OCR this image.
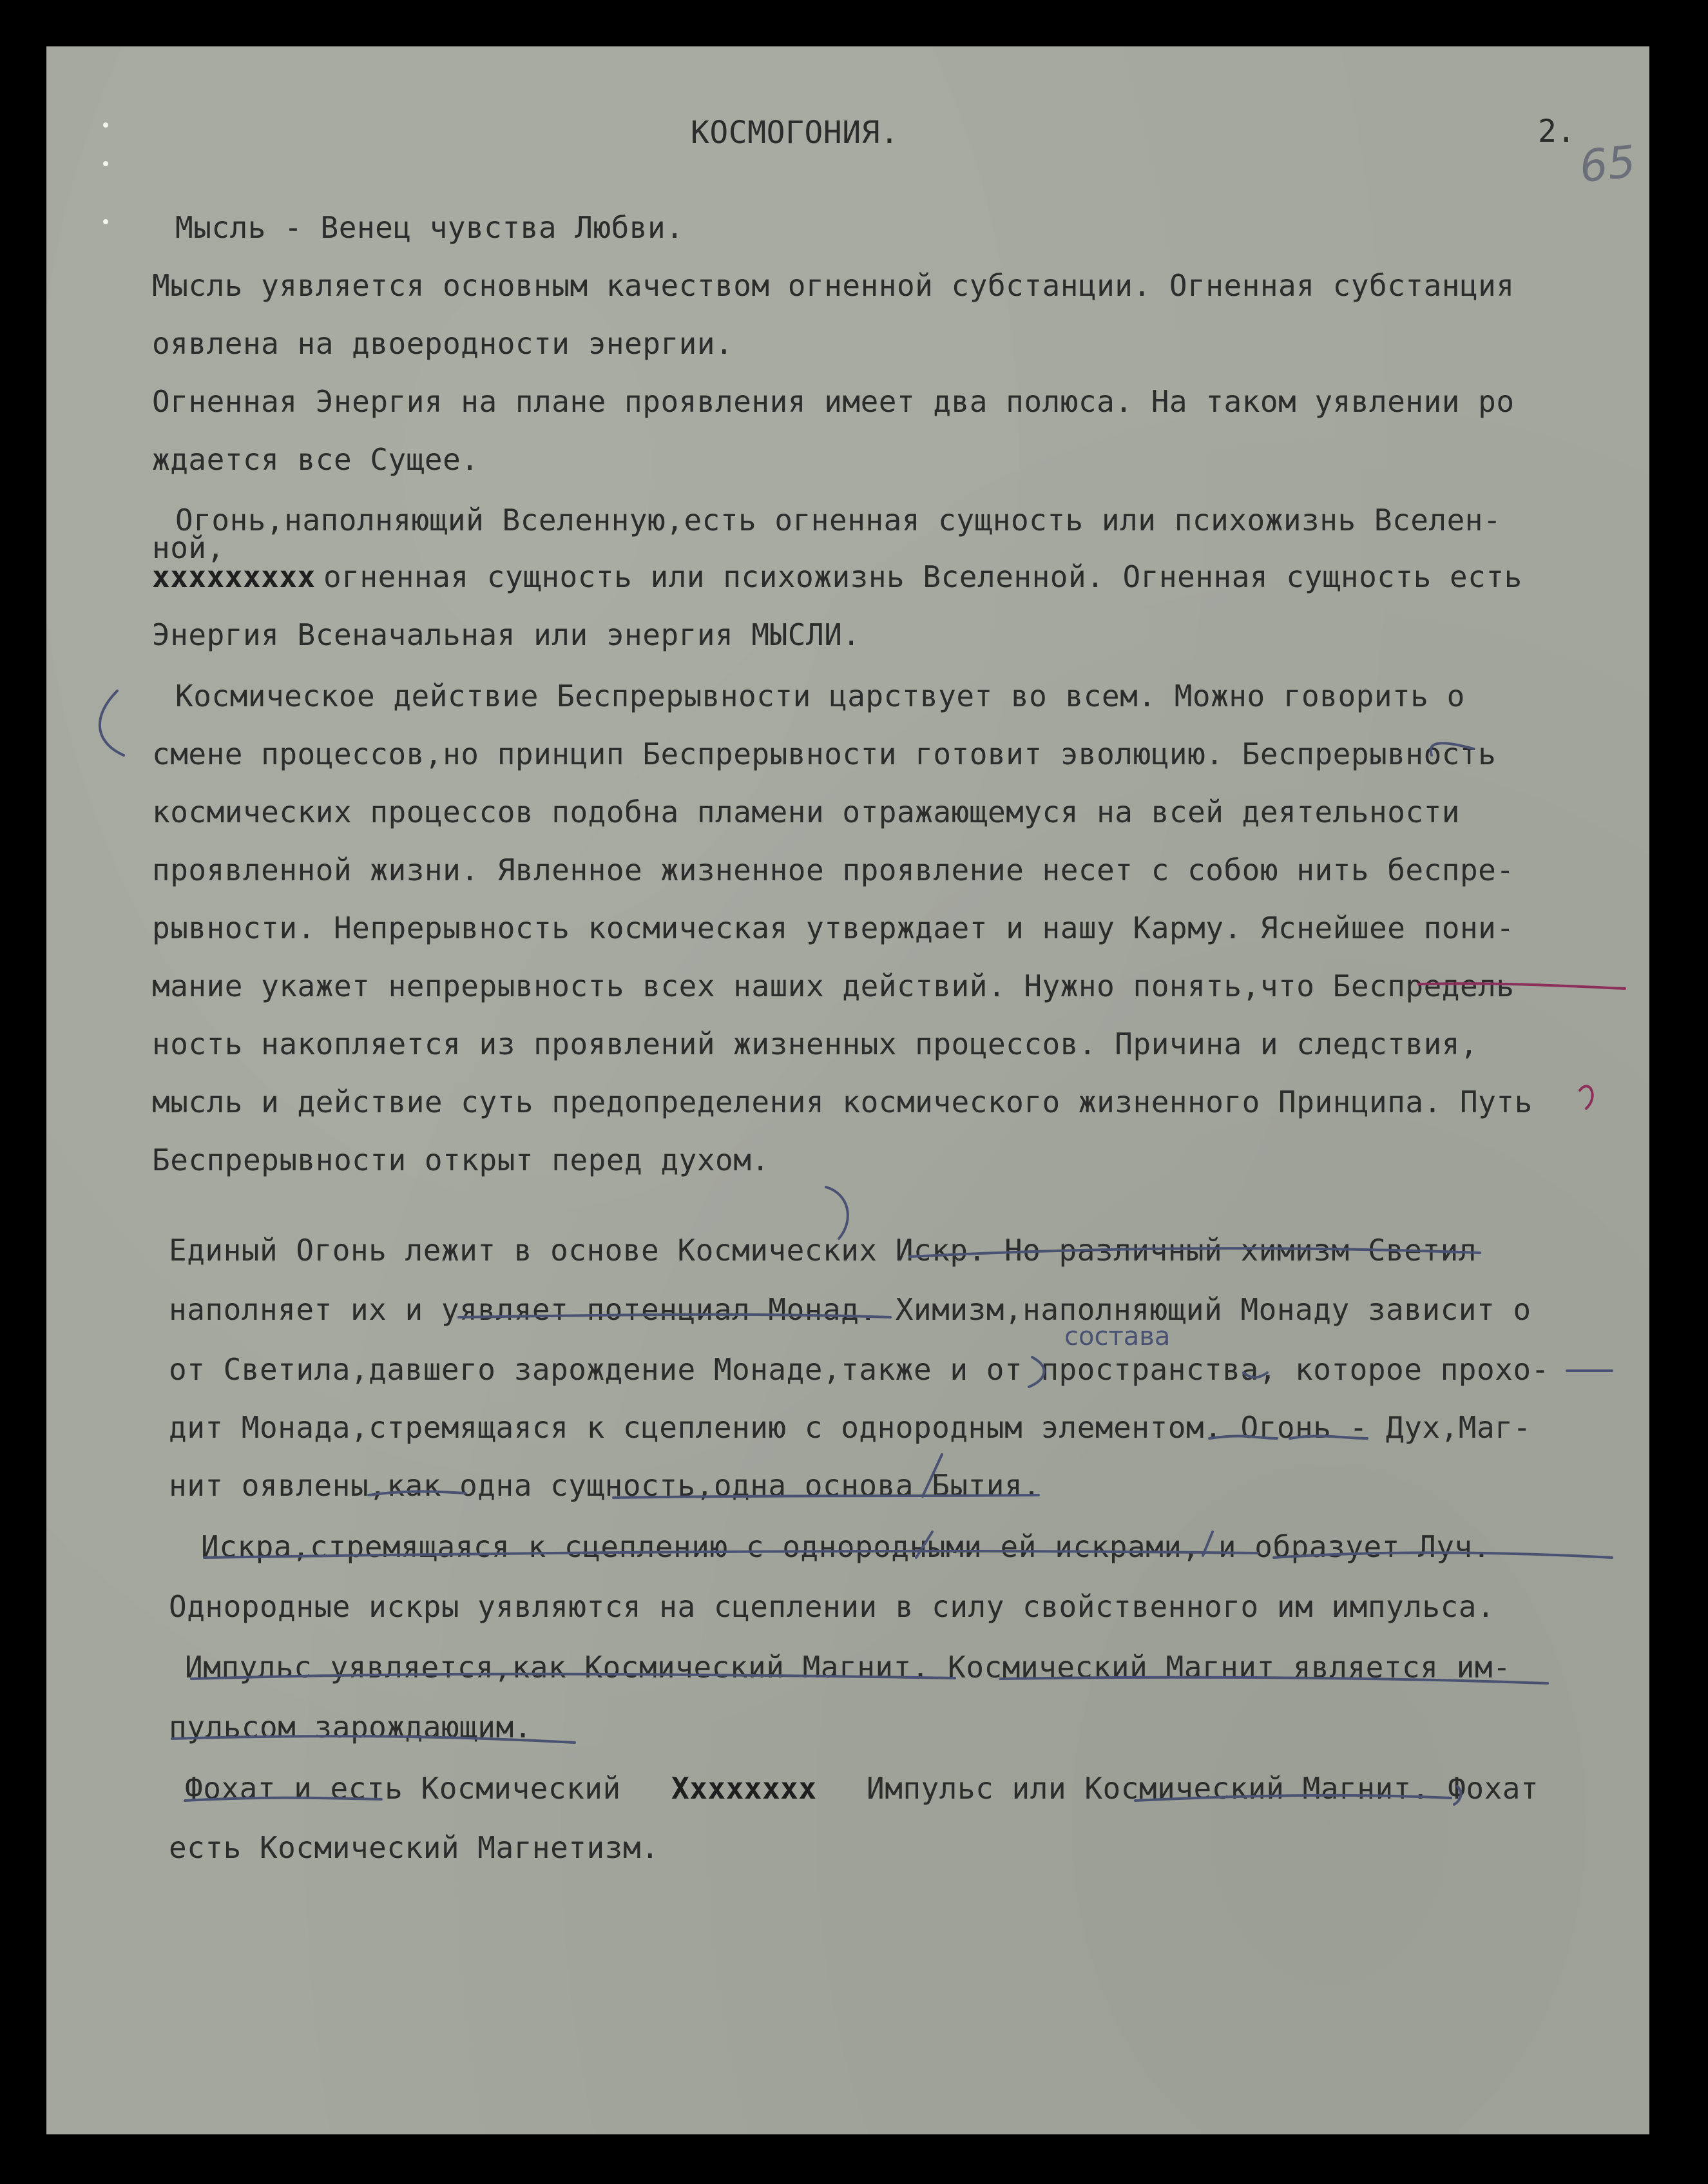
КОСМОГОНИЯ.	2.
65
Мысль - Венец чувства Любви.
Мысль уявляется основным качеством огненной субстанции. Огненная субстанция
оявлена на двоеродности энергии.
Огненная Энергия на плане проявления имеет два полюса. На таком уявлении ро
ждается все Сущее.
Огонь,наполняющий Вселенную,есть огненная сущность или психожизнь Вселен-
ной,
ххххххххх огненная сущность или психожизнь Вселенной. Огненная сущность есть
Энергия Всеначальная или энергия МЫСЛИ.
Космическое действие Беспрерывности царствует во всем. Можно говорить о
смене процессов,но принцип Беспрерывности готовит эволюцию. Беспрерывность
космических процессов подобна пламени отражающемуся на всей деятельности
проявленной жизни. Явленное жизненное проявление несет с собою нить беспре-
рывности. Непрерывность космическая утверждает и нашу Карму. Яснейшее пони-
мание укажет непрерывность всех наших действий. Нужно понять,что Беспредель
ность накопляется из проявлений жизненных процессов. Причина и следствия,
мысль и действие суть предопределения космического жизненного Принципа. Путь
Беспрерывности открыт перед духом.
Единый Огонь лежит в основе Космических Искр. Но различный химизм Светил
наполняет их и уявляет потенциал Монад. Химизм,наполняющий Монаду зависит о
состава
от Светила,давшего зарождение Монаде,также и от пространства, которое прохо-
дит Монада,стремящаяся к сцеплению с однородным элементом. Огонь - Дух,Маг-
нит оявлены,как одна сущность,одна основа Бытия.
Искра,стремящаяся к сцеплению с однородными ей искрами, и образует Луч.
Однородные искры уявляются на сцеплении в силу свойственного им импульса.
Импульс уявляется,как Космический Магнит. Космический Магнит является им-
пульсом зарождающим.
Фохат и есть Космический Хххххххх Импульс или Космический Магнит. Фохат
есть Космический Магнетизм.
